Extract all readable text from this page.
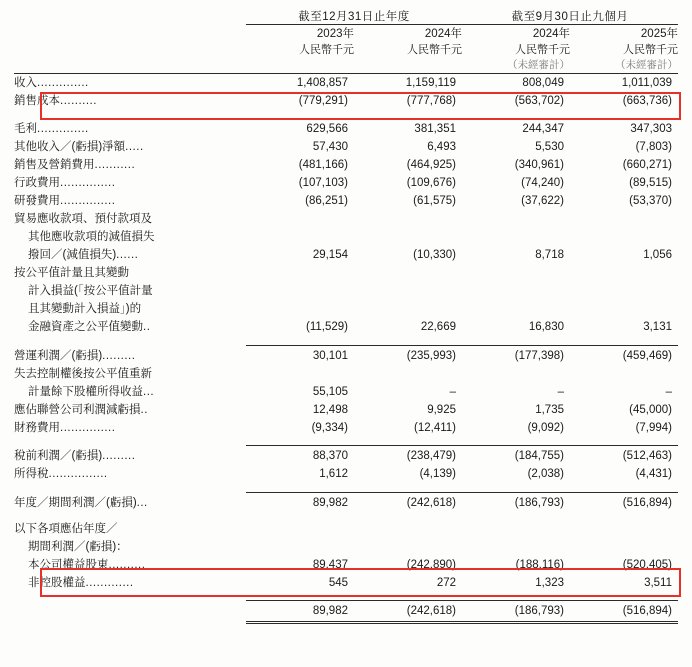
	截至12月31日止年度		截至9月30日止九個月	
	2023年	2024年	2024年	2025年
	人民幣千元	人民幣千元	人民幣千元	人民幣千元
			（未經審計）	（未經審計）

收入..............	1,408,857	1,159,119	808,049	1,011,039
銷售成本..........	(779,291)	(777,768)	(563,702)	(663,736)

毛利..............	629,566	381,351	244,347	347,303
其他收入／(虧損)淨額.....	57,430	6,493	5,530	(7,803)
銷售及營銷費用...........	(481,166)	(464,925)	(340,961)	(660,271)
行政費用...............	(107,103)	(109,676)	(74,240)	(89,515)
研發費用...............	(86,251)	(61,575)	(37,622)	(53,370)
貿易應收款項、預付款項及				
其他應收款項的減值損失				
撥回／(減值損失)......	29,154	(10,330)	8,718	1,056
按公平值計量且其變動				
計入損益(「按公平值計量				
且其變動計入損益」)的				
金融資產之公平值變動..	(11,529)	22,669	16,830	3,131

營運利潤／(虧損).........	30,101	(235,993)	(177,398)	(459,469)
失去控制權後按公平值重新				
計量餘下股權所得收益...	55,105	–	–	–
應佔聯營公司利潤減虧損..	12,498	9,925	1,735	(45,000)
財務費用...............	(9,334)	(12,411)	(9,092)	(7,994)

稅前利潤／(虧損).........	88,370	(238,479)	(184,755)	(512,463)
所得稅................	1,612	(4,139)	(2,038)	(4,431)

年度／期間利潤／(虧損)...	89,982	(242,618)	(186,793)	(516,894)

以下各項應佔年度／				
期間利潤／(虧損)：				
本公司權益股東..........	89,437	(242,890)	(188,116)	(520,405)
非控股權益.............	545	272	1,323	3,511

	89,982	(242,618)	(186,793)	(516,894)
